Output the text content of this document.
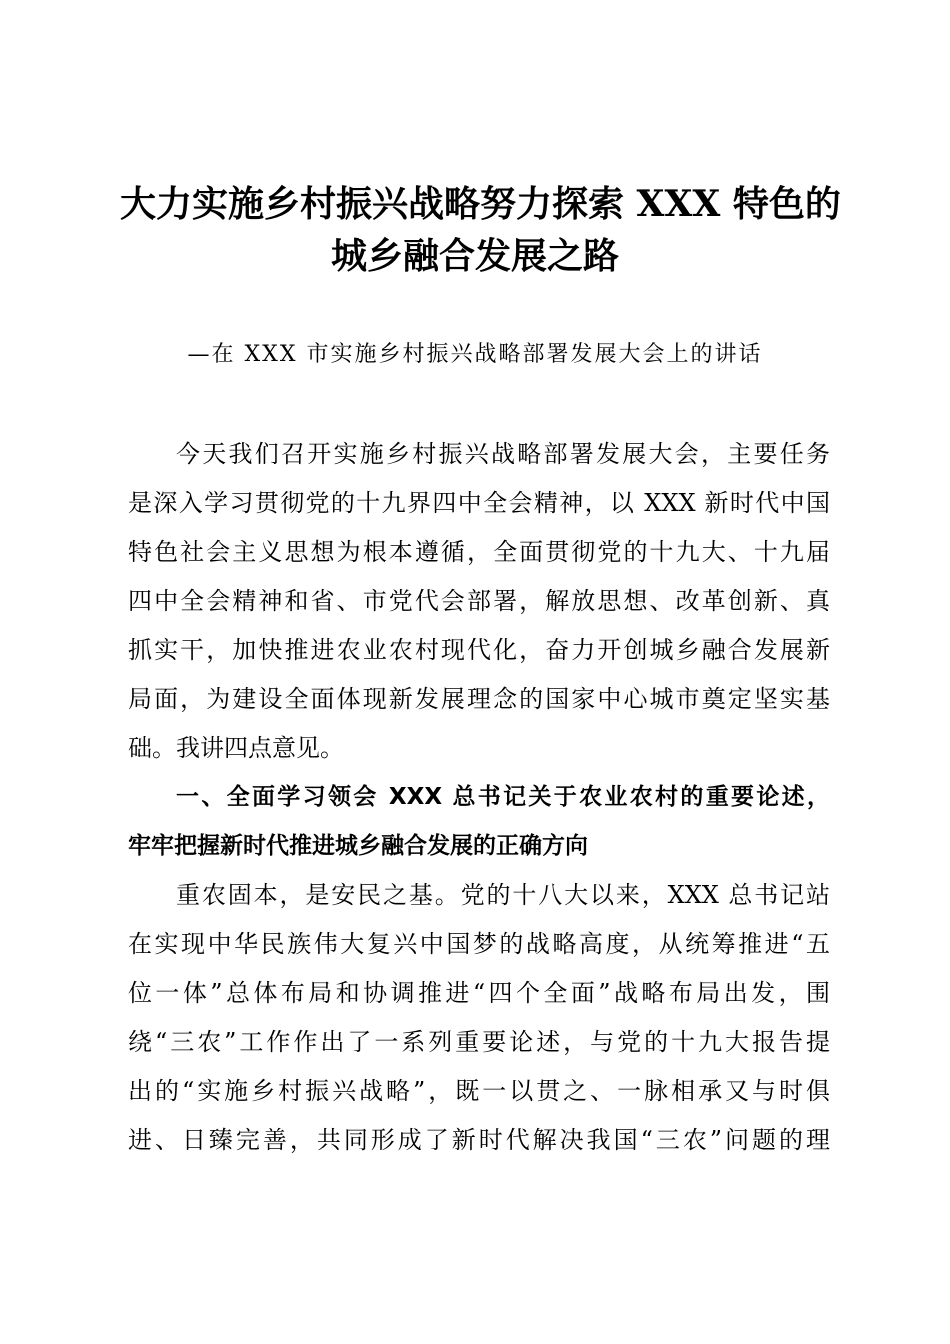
大力实施乡村振兴战略努力探索 XXX 特色的
城乡融合发展之路

—在 XXX 市实施乡村振兴战略部署发展大会上的讲话

今天我们召开实施乡村振兴战略部署发展大会，主要任务
是深入学习贯彻党的十九界四中全会精神，以 XXX 新时代中国
特色社会主义思想为根本遵循，全面贯彻党的十九大、十九届
四中全会精神和省、市党代会部署，解放思想、改革创新、真
抓实干，加快推进农业农村现代化，奋力开创城乡融合发展新
局面，为建设全面体现新发展理念的国家中心城市奠定坚实基
础。我讲四点意见。
一、全面学习领会 XXX 总书记关于农业农村的重要论述，
牢牢把握新时代推进城乡融合发展的正确方向
重农固本，是安民之基。党的十八大以来，XXX 总书记站
在实现中华民族伟大复兴中国梦的战略高度，从统筹推进“五
位一体”总体布局和协调推进“四个全面”战略布局出发，围
绕“三农”工作作出了一系列重要论述，与党的十九大报告提
出的“实施乡村振兴战略”，既一以贯之、一脉相承又与时俱
进、日臻完善，共同形成了新时代解决我国“三农”问题的理
